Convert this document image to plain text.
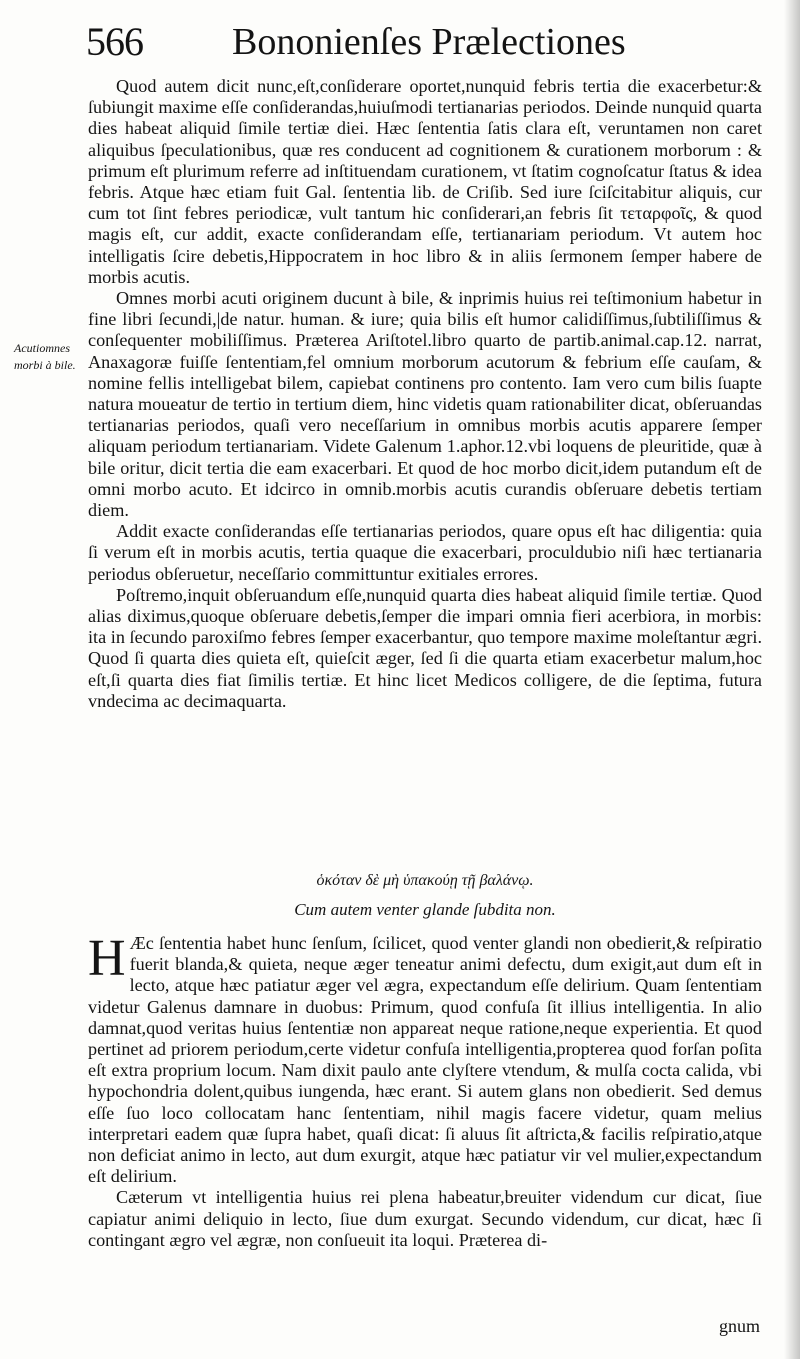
566 Bononienſes Prælectiones
Acutiomnes morbi à bile.

Quod autem dicit nunc,eſt,conſiderare oportet,nunquid febris tertia die exacerbetur:& ſubiungit maxime eſſe conſiderandas,huiuſmodi tertianarias periodos. Deinde nunquid quarta dies habeat aliquid ſimile tertiæ diei. Hæc ſententia ſatis clara eſt, veruntamen non caret aliquibus ſpeculationibus, quæ res conducent ad cognitionem & curationem morborum : & primum eſt plurimum referre ad inſtituendam curationem, vt ſtatim cognoſcatur ſtatus & idea febris. Atque hæc etiam fuit Gal. ſententia lib. de Criſib. Sed iure ſciſcitabitur aliquis, cur cum tot ſint febres periodicæ, vult tantum hic conſiderari,an febris ſit τεταρφοῖς, & quod magis eſt, cur addit, exacte conſiderandam eſſe, tertianariam periodum. Vt autem hoc intelligatis ſcire debetis,Hippocratem in hoc libro & in aliis ſermonem ſemper habere de morbis acutis.

Omnes morbi acuti originem ducunt à bile, & inprimis huius rei teſtimonium habetur in fine libri ſecundi,|de natur. human. & iure; quia bilis eſt humor calidiſſimus,ſubtiliſſimus & conſequenter mobiliſſimus. Præterea Ariſtotel.libro quarto de partib.animal.cap.12. narrat, Anaxagoræ fuiſſe ſententiam,fel omnium morborum acutorum & febrium eſſe cauſam, & nomine fellis intelligebat bilem, capiebat continens pro contento. Iam vero cum bilis ſuapte natura moueatur de tertio in tertium diem, hinc videtis quam rationabiliter dicat, obſeruandas tertianarias periodos, quaſi vero neceſſarium in omnibus morbis acutis apparere ſemper aliquam periodum tertianariam. Videte Galenum 1.aphor.12.vbi loquens de pleuritide, quæ à bile oritur, dicit tertia die eam exacerbari. Et quod de hoc morbo dicit,idem putandum eſt de omni morbo acuto. Et idcirco in omnib.morbis acutis curandis obſeruare debetis tertiam diem.

Addit exacte conſiderandas eſſe tertianarias periodos, quare opus eſt hac diligentia: quia ſi verum eſt in morbis acutis, tertia quaque die exacerbari, proculdubio niſi hæc tertianaria periodus obſeruetur, neceſſario committuntur exitiales errores.

Poſtremo,inquit obſeruandum eſſe,nunquid quarta dies habeat aliquid ſimile tertiæ. Quod alias diximus,quoque obſeruare debetis,ſemper die impari omnia fieri acerbiora, in morbis: ita in ſecundo paroxiſmo febres ſemper exacerbantur, quo tempore maxime moleſtantur ægri. Quod ſi quarta dies quieta eſt, quieſcit æger, ſed ſi die quarta etiam exacerbetur malum,hoc eſt,ſi quarta dies fiat ſimilis tertiæ. Et hinc licet Medicos colligere, de die ſeptima, futura vndecima ac decimaquarta.

ὁκόταν δὲ μὴ ὑπακούῃ τῇ βαλάνῳ.
Cum autem venter glande ſubdita non.

H Æc ſententia habet hunc ſenſum, ſcilicet, quod venter glandi non obedierit,& reſpiratio fuerit blanda,& quieta, neque æger teneatur animi defectu, dum exigit,aut dum eſt in lecto, atque hæc patiatur æger vel ægra, expectandum eſſe delirium. Quam ſententiam videtur Galenus damnare in duobus: Primum, quod confuſa ſit illius intelligentia. In alio damnat,quod veritas huius ſententiæ non appareat neque ratione,neque experientia. Et quod pertinet ad priorem periodum,certe videtur confuſa intelligentia,propterea quod forſan poſita eſt extra proprium locum. Nam dixit paulo ante clyſtere vtendum, & mulſa cocta calida, vbi hypochondria dolent,quibus iungenda, hæc erant. Si autem glans non obedierit. Sed demus eſſe ſuo loco collocatam hanc ſententiam, nihil magis facere videtur, quam melius interpretari eadem quæ ſupra habet, quaſi dicat: ſi aluus ſit aſtricta,& facilis reſpiratio,atque non deficiat animo in lecto, aut dum exurgit, atque hæc patiatur vir vel mulier,expectandum eſt delirium.

Cæterum vt intelligentia huius rei plena habeatur,breuiter videndum cur dicat, ſiue capiatur animi deliquio in lecto, ſiue dum exurgat. Secundo videndum, cur dicat, hæc ſi contingant ægro vel ægræ, non conſueuit ita loqui. Præterea di-

gnum
